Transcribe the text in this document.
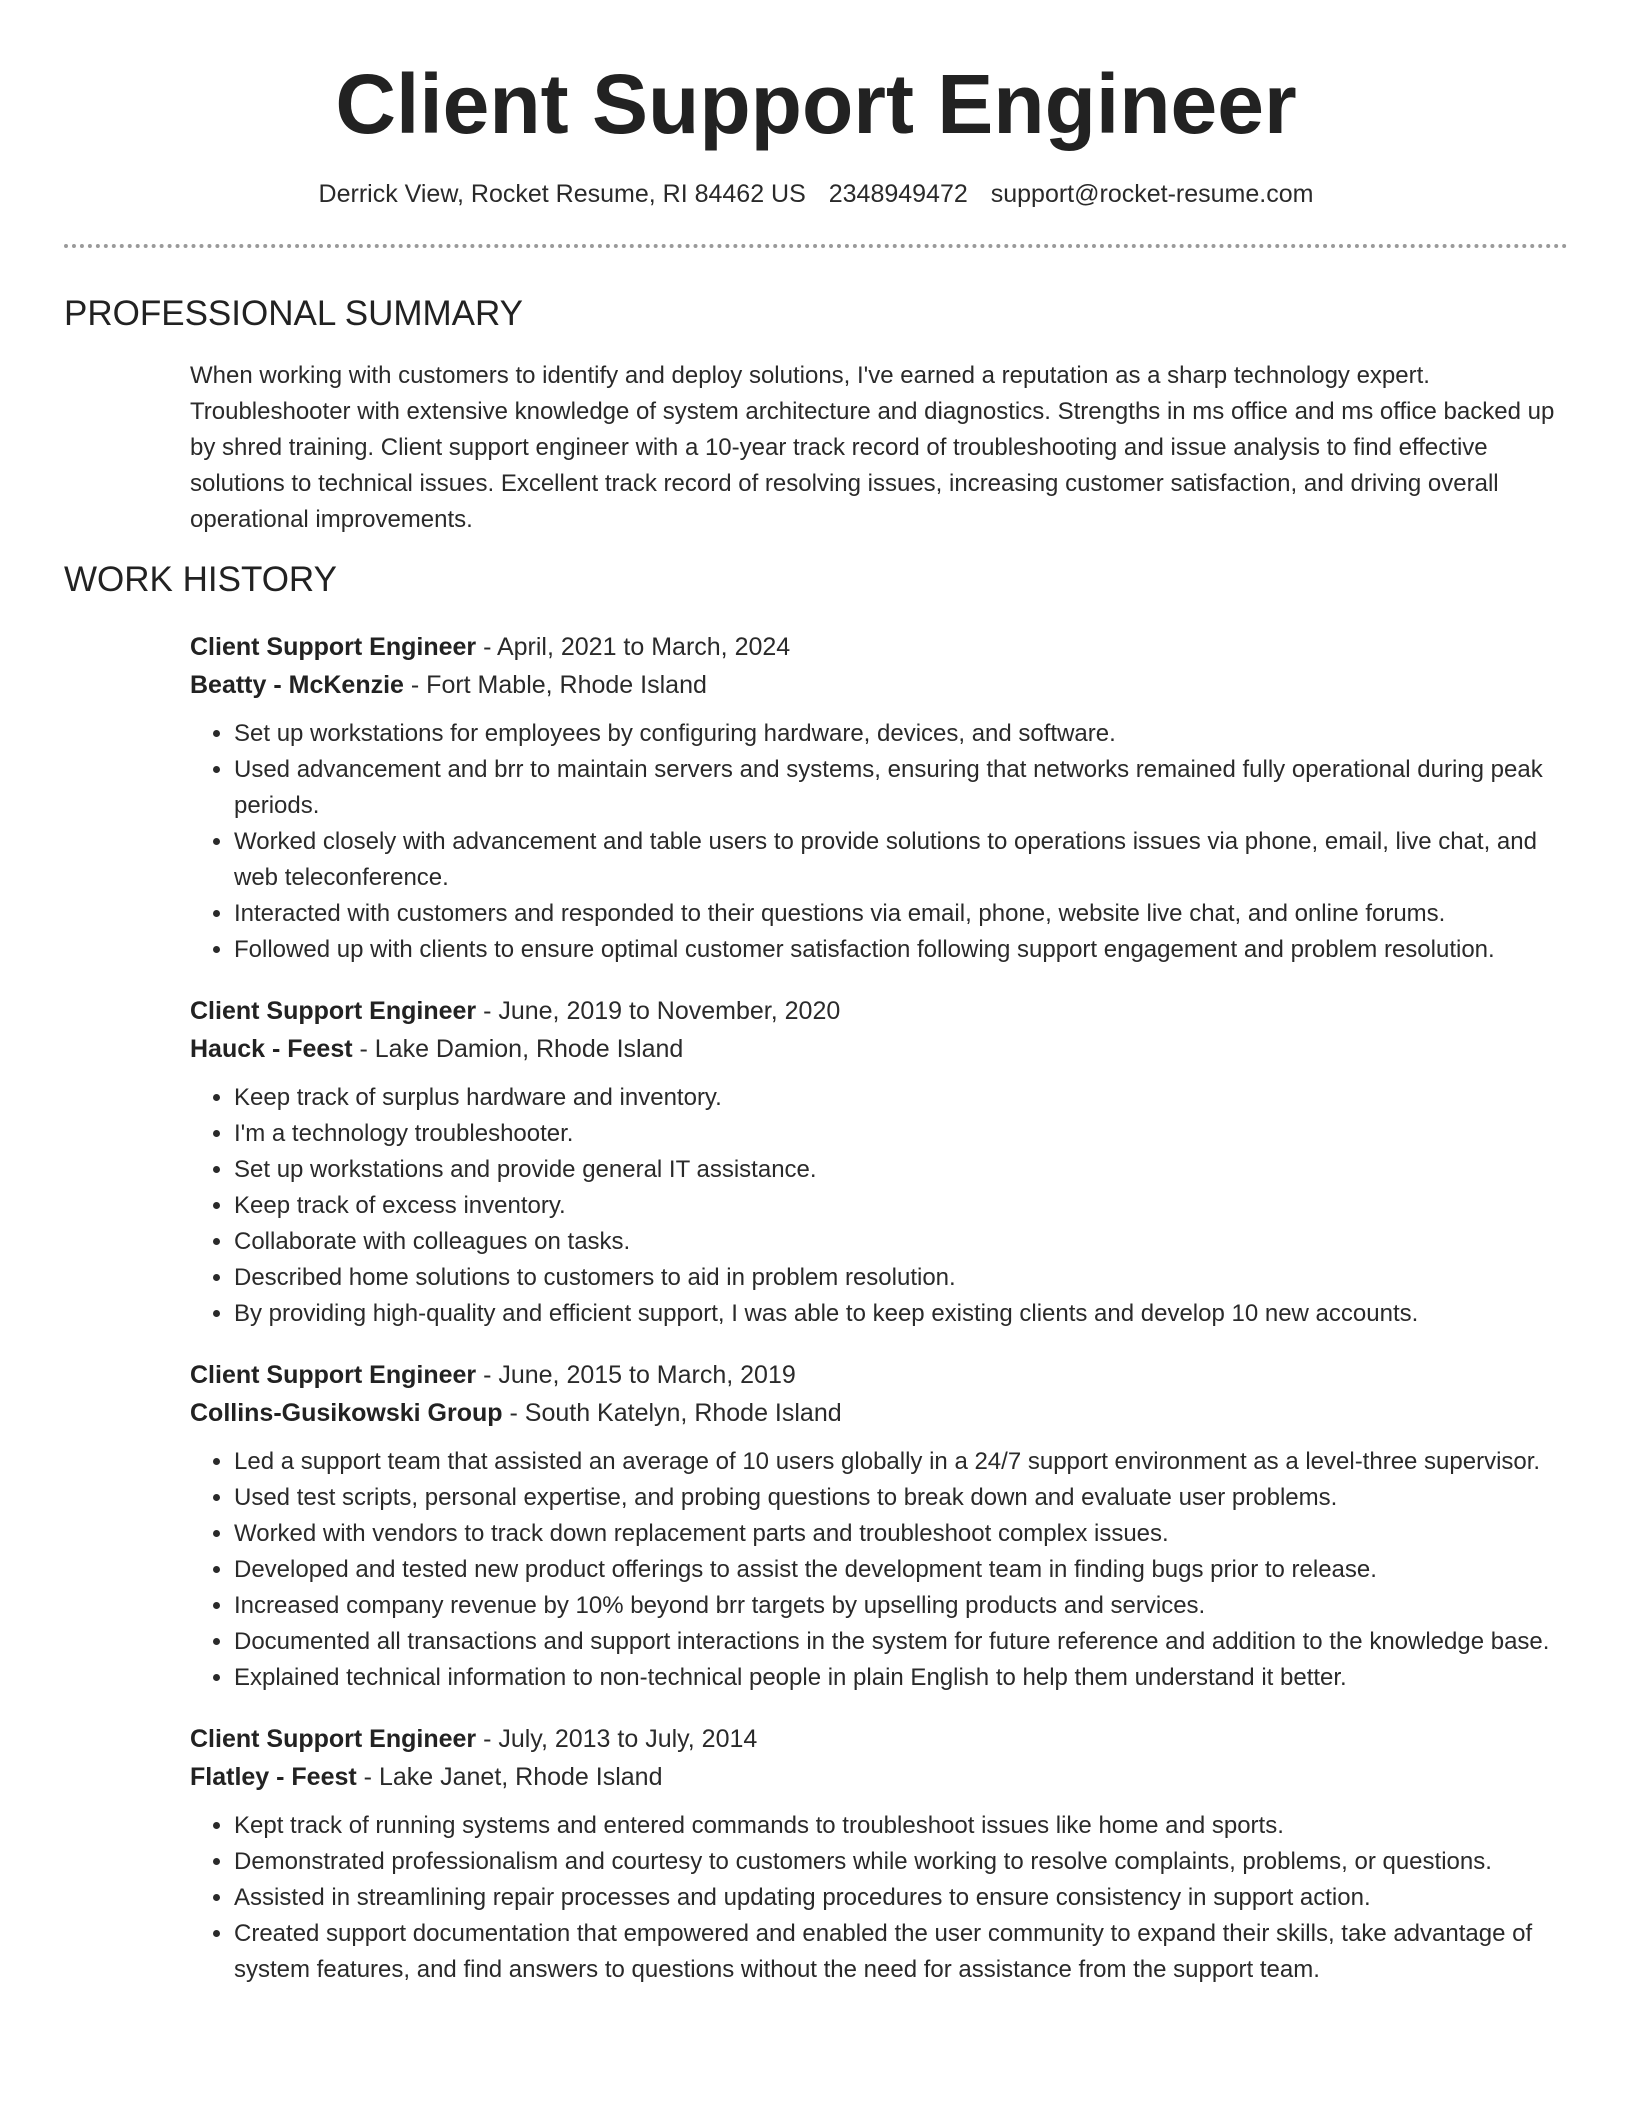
Client Support Engineer
Derrick View, Rocket Resume, RI 84462 US 2348949472 support@rocket-resume.com
PROFESSIONAL SUMMARY

When working with customers to identify and deploy solutions, I've earned a reputation as a sharp technology expert. Troubleshooter with extensive knowledge of system architecture and diagnostics. Strengths in ms office and ms office backed up by shred training. Client support engineer with a 10-year track record of troubleshooting and issue analysis to find effective solutions to technical issues. Excellent track record of resolving issues, increasing customer satisfaction, and driving overall operational improvements.

WORK HISTORY
Client Support Engineer - April, 2021 to March, 2024
Beatty - McKenzie - Fort Mable, Rhode Island
• Set up workstations for employees by configuring hardware, devices, and software.
• Used advancement and brr to maintain servers and systems, ensuring that networks remained fully operational during peak periods.
• Worked closely with advancement and table users to provide solutions to operations issues via phone, email, live chat, and web teleconference.
• Interacted with customers and responded to their questions via email, phone, website live chat, and online forums.
• Followed up with clients to ensure optimal customer satisfaction following support engagement and problem resolution.
Client Support Engineer - June, 2019 to November, 2020
Hauck - Feest - Lake Damion, Rhode Island
• Keep track of surplus hardware and inventory.
• I'm a technology troubleshooter.
• Set up workstations and provide general IT assistance.
• Keep track of excess inventory.
• Collaborate with colleagues on tasks.
• Described home solutions to customers to aid in problem resolution.
• By providing high-quality and efficient support, I was able to keep existing clients and develop 10 new accounts.
Client Support Engineer - June, 2015 to March, 2019
Collins-Gusikowski Group - South Katelyn, Rhode Island
• Led a support team that assisted an average of 10 users globally in a 24/7 support environment as a level-three supervisor.
• Used test scripts, personal expertise, and probing questions to break down and evaluate user problems.
• Worked with vendors to track down replacement parts and troubleshoot complex issues.
• Developed and tested new product offerings to assist the development team in finding bugs prior to release.
• Increased company revenue by 10% beyond brr targets by upselling products and services.
• Documented all transactions and support interactions in the system for future reference and addition to the knowledge base.
• Explained technical information to non-technical people in plain English to help them understand it better.
Client Support Engineer - July, 2013 to July, 2014
Flatley - Feest - Lake Janet, Rhode Island
• Kept track of running systems and entered commands to troubleshoot issues like home and sports.
• Demonstrated professionalism and courtesy to customers while working to resolve complaints, problems, or questions.
• Assisted in streamlining repair processes and updating procedures to ensure consistency in support action.
• Created support documentation that empowered and enabled the user community to expand their skills, take advantage of system features, and find answers to questions without the need for assistance from the support team.
